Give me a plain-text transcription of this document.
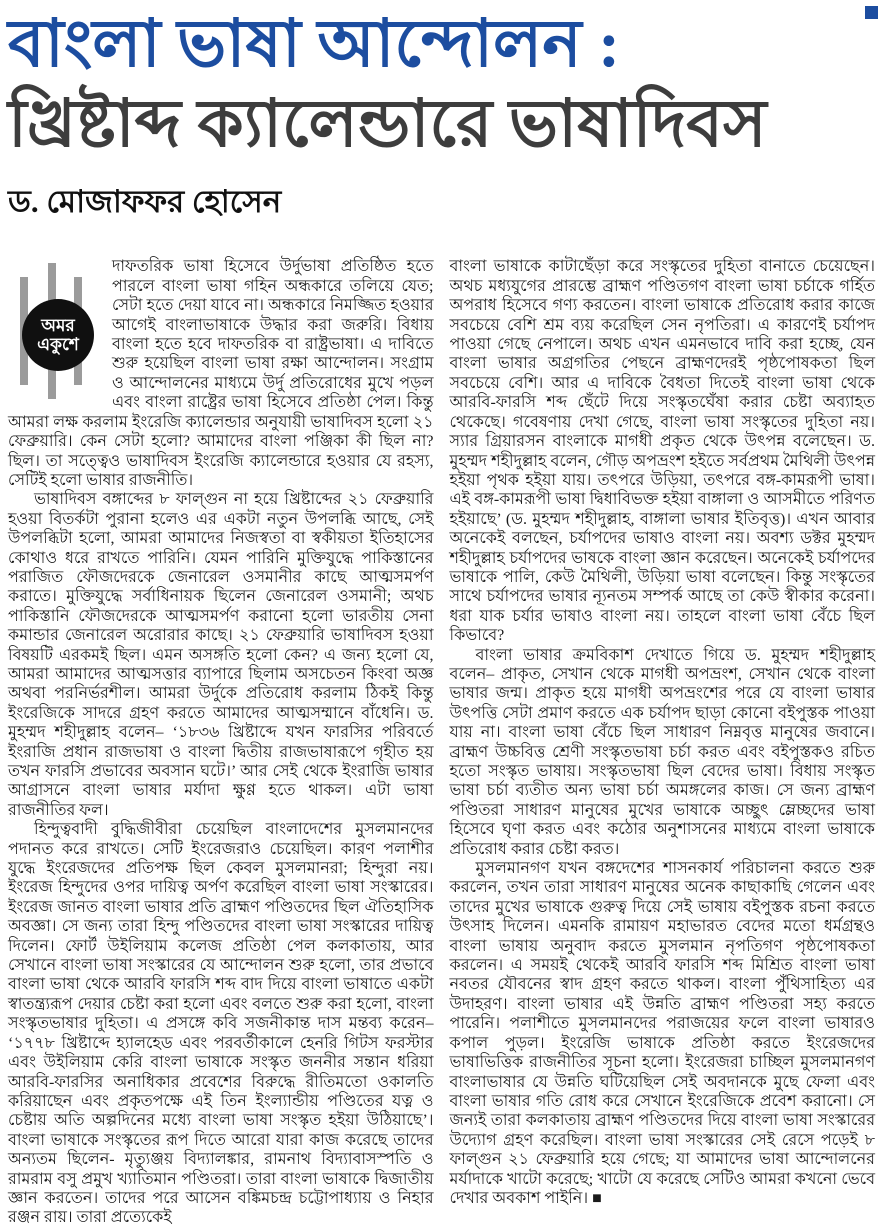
বাংলা ভাষা আন্দোলন :
খ্রিষ্টাব্দ ক্যালেন্ডারে ভাষাদিবস
ড. মোজাফফর হোসেন
অমর
একুশে

দাফতরিক ভাষা হিসেবে উর্দুভাষা প্রতিষ্ঠিত হতে পারলে বাংলা ভাষা গহিন অন্ধকারে তলিয়ে যেত; সেটা হতে দেয়া যাবে না। অন্ধকারে নিমজ্জিত হওয়ার আগেই বাংলাভাষাকে উদ্ধার করা জরুরি। বিধায় বাংলা হতে হবে দাফতরিক বা রাষ্ট্রভাষা। এ দাবিতে শুরু হয়েছিল বাংলা ভাষা রক্ষা আন্দোলন। সংগ্রাম ও আন্দোলনের মাধ্যমে উর্দু প্রতিরোধের মুখে পড়ল এবং বাংলা রাষ্ট্রের ভাষা হিসেবে প্রতিষ্ঠা পেল। কিন্তু আমরা লক্ষ করলাম ইংরেজি ক্যালেন্ডার অনুযায়ী ভাষাদিবস হলো ২১ ফেব্রুয়ারি। কেন সেটা হলো? আমাদের বাংলা পঞ্জিকা কী ছিল না? ছিল। তা সত্ত্বেও ভাষাদিবস ইংরেজি ক্যালেন্ডারে হওয়ার যে রহস্য, সেটিই হলো ভাষার রাজনীতি।

ভাষাদিবস বঙ্গাব্দের ৮ ফাল্গুন না হয়ে খ্রিষ্টাব্দের ২১ ফেব্রুয়ারি হওয়া বিতর্কটা পুরানা হলেও এর একটা নতুন উপলব্ধি আছে, সেই উপলব্ধিটা হলো, আমরা আমাদের নিজস্বতা বা স্বকীয়তা ইতিহাসের কোথাও ধরে রাখতে পারিনি। যেমন পারিনি মুক্তিযুদ্ধে পাকিস্তানের পরাজিত ফৌজদেরকে জেনারেল ওসমানীর কাছে আত্মসমর্পণ করাতে। মুক্তিযুদ্ধে সর্বাধিনায়ক ছিলেন জেনারেল ওসমানী; অথচ পাকিস্তানি ফৌজদেরকে আত্মসমর্পণ করানো হলো ভারতীয় সেনা কমান্ডার জেনারেল অরোরার কাছে। ২১ ফেব্রুয়ারি ভাষাদিবস হওয়া বিষয়টি এরকমই ছিল। এমন অসঙ্গতি হলো কেন? এ জন্য হলো যে, আমরা আমাদের আত্মসত্তার ব্যাপারে ছিলাম অসচেতন কিংবা অজ্ঞ অথবা পরনির্ভরশীল। আমরা উর্দুকে প্রতিরোধ করলাম ঠিকই কিন্তু ইংরেজিকে সাদরে গ্রহণ করতে আমাদের আত্মসম্মানে বাঁধেনি। ড. মুহম্মদ শহীদুল্লাহ বলেন– ‘১৮৩৬ খ্রিষ্টাব্দে যখন ফারসির পরিবর্তে ইংরাজি প্রধান রাজভাষা ও বাংলা দ্বিতীয় রাজভাষারূপে গৃহীত হয় তখন ফারসি প্রভাবের অবসান ঘটে।’ আর সেই থেকে ইংরাজি ভাষার আগ্রাসনে বাংলা ভাষার মর্যাদা ক্ষুণ্ণ হতে থাকল। এটা ভাষা রাজনীতির ফল।

হিন্দুত্ববাদী বুদ্ধিজীবীরা চেয়েছিল বাংলাদেশের মুসলমানদের পদানত করে রাখতে। সেটি ইংরেজরাও চেয়েছিল। কারণ পলাশীর যুদ্ধে ইংরেজদের প্রতিপক্ষ ছিল কেবল মুসলমানরা; হিন্দুরা নয়। ইংরেজ হিন্দুদের ওপর দায়িত্ব অর্পণ করেছিল বাংলা ভাষা সংস্কারের। ইংরেজ জানত বাংলা ভাষার প্রতি ব্রাহ্মণ পণ্ডিতদের ছিল ঐতিহাসিক অবজ্ঞা। সে জন্য তারা হিন্দু পণ্ডিতদের বাংলা ভাষা সংস্কারের দায়িত্ব দিলেন। ফোর্ট উইলিয়াম কলেজ প্রতিষ্ঠা পেল কলকাতায়, আর সেখানে বাংলা ভাষা সংস্কারের যে আন্দোলন শুরু হলো, তার প্রভাবে বাংলা ভাষা থেকে আরবি ফারসি শব্দ বাদ দিয়ে বাংলা ভাষাতে একটা স্বাতন্ত্র্যরূপ দেয়ার চেষ্টা করা হলো এবং বলতে শুরু করা হলো, বাংলা সংস্কৃতভাষার দুহিতা। এ প্রসঙ্গে কবি সজনীকান্ত দাস মন্তব্য করেন– ‘১৭৭৮ খ্রিষ্টাব্দে হ্যালহেড এবং পরবর্তীকালে হেনরি গিটস ফরস্টার এবং উইলিয়াম কেরি বাংলা ভাষাকে সংস্কৃত জননীর সন্তান ধরিয়া আরবি-ফারসির অনাধিকার প্রবেশের বিরুদ্ধে রীতিমতো ওকালতি করিয়াছেন এবং প্রকৃতপক্ষে এই তিন ইংল্যান্ডীয় পণ্ডিতের যত্ন ও চেষ্টায় অতি অল্পদিনের মধ্যে বাংলা ভাষা সংস্কৃত হইয়া উঠিয়াছে’। বাংলা ভাষাকে সংস্কৃতের রূপ দিতে আরো যারা কাজ করেছে তাদের অন্যতম ছিলেন- মৃত্যুঞ্জয় বিদ্যালঙ্কার, রামনাথ বিদ্যাবাসস্পতি ও রামরাম বসু প্রমুখ খ্যাতিমান পণ্ডিতরা। তারা বাংলা ভাষাকে দ্বিজাতীয় জ্ঞান করতেন। তাদের পরে আসেন বঙ্কিমচন্দ্র চট্টোপাধ্যায় ও নিহার রঞ্জন রায়। তারা প্রত্যেকেই

বাংলা ভাষাকে কাটাছেঁড়া করে সংস্কৃতের দুহিতা বানাতে চেয়েছেন। অথচ মধ্যযুগের প্রারম্ভে ব্রাহ্মণ পণ্ডিতগণ বাংলা ভাষা চর্চাকে গর্হিত অপরাধ হিসেবে গণ্য করতেন। বাংলা ভাষাকে প্রতিরোধ করার কাজে সবচেয়ে বেশি শ্রম ব্যয় করেছিল সেন নৃপতিরা। এ কারণেই চর্যাপদ পাওয়া গেছে নেপালে। অথচ এখন এমনভাবে দাবি করা হচ্ছে, যেন বাংলা ভাষার অগ্রগতির পেছনে ব্রাহ্মণদেরই পৃষ্ঠপোষকতা ছিল সবচেয়ে বেশি। আর এ দাবিকে বৈধতা দিতেই বাংলা ভাষা থেকে আরবি-ফারসি শব্দ ছেঁটে দিয়ে সংস্কৃতঘেঁষা করার চেষ্টা অব্যাহত থেকেছে। গবেষণায় দেখা গেছে, বাংলা ভাষা সংস্কৃতের দুহিতা নয়। স্যার গ্রিয়ারসন বাংলাকে মাগধী প্রকৃত থেকে উৎপন্ন বলেছেন। ড. মুহম্মদ শহীদুল্লাহ বলেন, গৌড় অপভ্রংশ হইতে সর্বপ্রথম মৈথিলী উৎপন্ন হইয়া পৃথক হইয়া যায়। তৎপরে উড়িয়া, তৎপরে বঙ্গ-কামরূপী ভাষা। এই বঙ্গ-কামরূপী ভাষা দ্বিধাবিভক্ত হইয়া বাঙ্গালা ও আসমীতে পরিণত হইয়াছে’ (ড. মুহম্মদ শহীদুল্লাহ, বাঙ্গালা ভাষার ইতিবৃত্ত)। এখন আবার অনেকেই বলছেন, চর্যাপদের ভাষাও বাংলা নয়। অবশ্য ডক্টর মুহম্মদ শহীদুল্লাহ চর্যাপদের ভাষকে বাংলা জ্ঞান করেছেন। অনেকেই চর্যাপদের ভাষাকে পালি, কেউ মৈথিলী, উড়িয়া ভাষা বলেছেন। কিন্তু সংস্কৃতের সাথে চর্যাপদের ভাষার ন্যূনতম সম্পর্ক আছে তা কেউ স্বীকার করেনা। ধরা যাক চর্যার ভাষাও বাংলা নয়। তাহলে বাংলা ভাষা বেঁচে ছিল কিভাবে?

বাংলা ভাষার ক্রমবিকাশ দেখাতে গিয়ে ড. মুহম্মদ শহীদুল্লাহ বলেন– প্রাকৃত, সেখান থেকে মাগধী অপভ্রংশ, সেখান থেকে বাংলা ভাষার জন্ম। প্রাকৃত হয়ে মাগধী অপভ্রংশের পরে যে বাংলা ভাষার উৎপত্তি সেটা প্রমাণ করতে এক চর্যাপদ ছাড়া কোনো বইপুস্তক পাওয়া যায় না। বাংলা ভাষা বেঁচে ছিল সাধারণ নিম্নবৃত্ত মানুষের জবানে। ব্রাহ্মণ উচ্চবিত্ত শ্রেণী সংস্কৃতভাষা চর্চা করত এবং বইপুস্তকও রচিত হতো সংস্কৃত ভাষায়। সংস্কৃতভাষা ছিল বেদের ভাষা। বিধায় সংস্কৃত ভাষা চর্চা ব্যতীত অন্য ভাষা চর্চা অমঙ্গলের কাজ। সে জন্য ব্রাহ্মণ পণ্ডিতরা সাধারণ মানুষের মুখের ভাষাকে অচ্ছুৎ ম্লেচ্ছদের ভাষা হিসেবে ঘৃণা করত এবং কঠোর অনুশাসনের মাধ্যমে বাংলা ভাষাকে প্রতিরোধ করার চেষ্টা করত।

মুসলমানগণ যখন বঙ্গদেশের শাসনকার্য পরিচালনা করতে শুরু করলেন, তখন তারা সাধারণ মানুষের অনেক কাছাকাছি গেলেন এবং তাদের মুখের ভাষাকে গুরুত্ব দিয়ে সেই ভাষায় বইপুস্তক রচনা করতে উৎসাহ দিলেন। এমনকি রামায়ণ মহাভারত বেদের মতো ধর্মগ্রন্থও বাংলা ভাষায় অনুবাদ করতে মুসলমান নৃপতিগণ পৃষ্ঠপোষকতা করলেন। এ সময়ই থেকেই আরবি ফারসি শব্দ মিশ্রিত বাংলা ভাষা নবতর যৌবনের স্বাদ গ্রহণ করতে থাকল। বাংলা পুঁথিসাহিত্য এর উদাহরণ। বাংলা ভাষার এই উন্নতি ব্রাহ্মণ পণ্ডিতরা সহ্য করতে পারেনি। পলাশীতে মুসলমানদের পরাজয়ের ফলে বাংলা ভাষারও কপাল পুড়ল। ইংরেজি ভাষাকে প্রতিষ্ঠা করতে ইংরেজদের ভাষাভিত্তিক রাজনীতির সূচনা হলো। ইংরেজরা চাচ্ছিল মুসলমানগণ বাংলাভাষার যে উন্নতি ঘটিয়েছিল সেই অবদানকে মুছে ফেলা এবং বাংলা ভাষার গতি রোধ করে সেখানে ইংরেজিকে প্রবেশ করানো। সে জন্যই তারা কলকাতায় ব্রাহ্মণ পণ্ডিতদের দিয়ে বাংলা ভাষা সংস্কারের উদ্যোগ গ্রহণ করেছিল। বাংলা ভাষা সংস্কারের সেই রেসে পড়েই ৮ ফাল্গুন ২১ ফেব্রুয়ারি হয়ে গেছে; যা আমাদের ভাষা আন্দোলনের মর্যাদাকে খাটো করেছে; খাটো যে করেছে সেটিও আমরা কখনো ভেবে দেখার অবকাশ পাইনি। ■
